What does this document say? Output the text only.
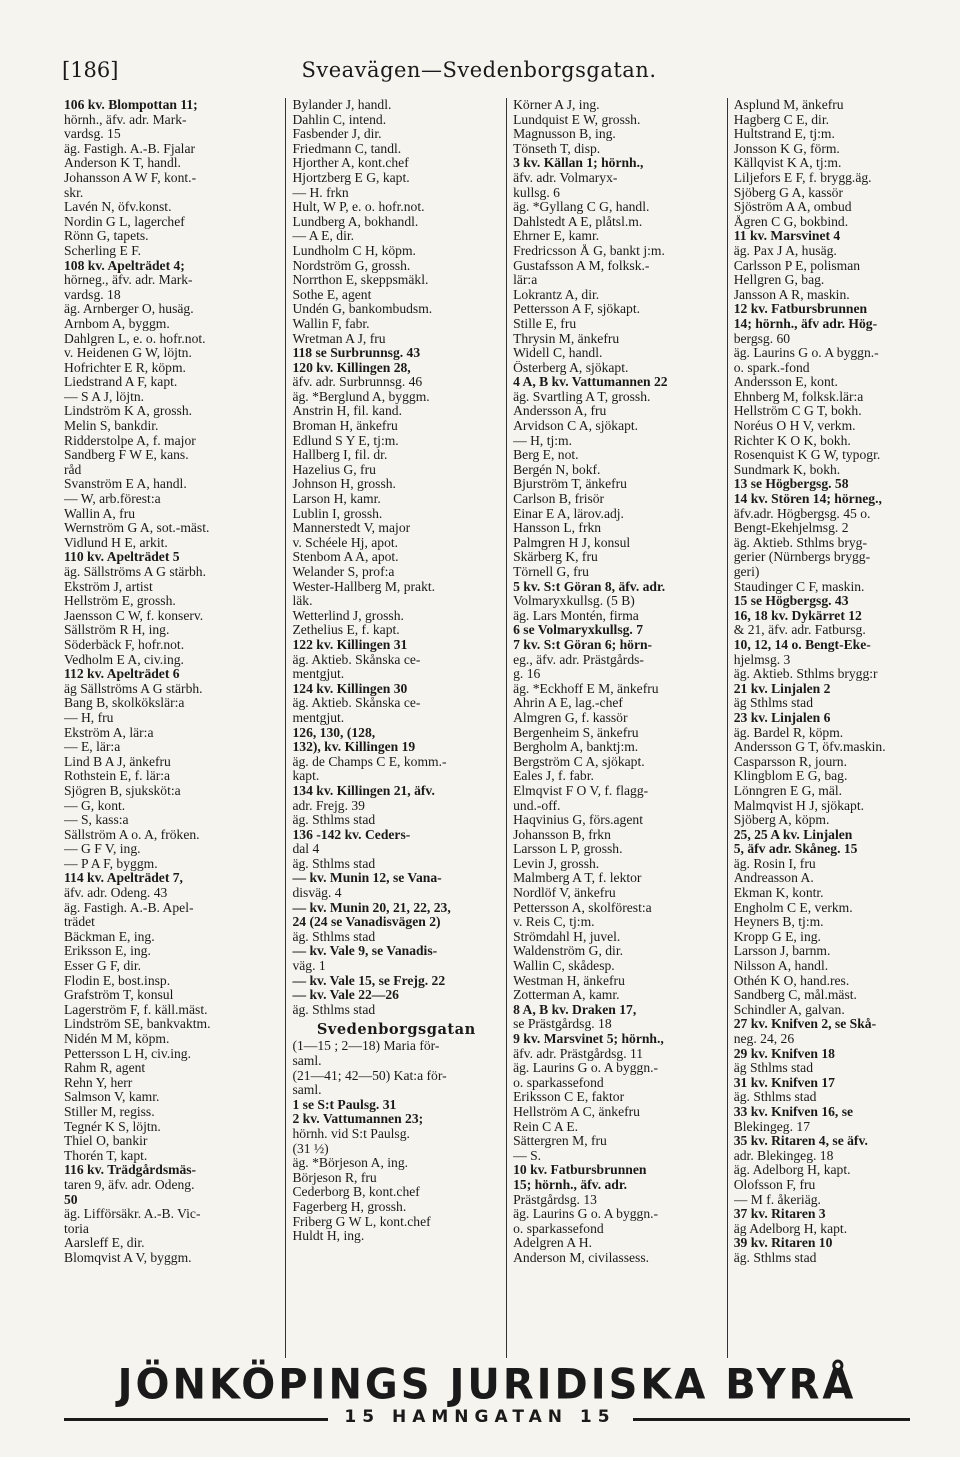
[186]	Sveavägen—Svedenborgsgatan.
106 kv. Blompottan 11;
hörnh., äfv. adr. Mark-
vardsg. 15
äg. Fastigh. A.-B. Fjalar
Anderson K T, handl.
Johansson A W F, kont.-
skr.
Lavén N, öfv.konst.
Nordin G L, lagerchef
Rönn G, tapets.
Scherling E F.
108 kv. Apelträdet 4;
hörneg., äfv. adr. Mark-
vardsg. 18
äg. Arnberger O, husäg.
Arnbom A, byggm.
Dahlgren L, e. o. hofr.not.
v. Heidenen G W, löjtn.
Hofrichter E R, köpm.
Liedstrand A F, kapt.
— S A J, löjtn.
Lindström K A, grossh.
Melin S, bankdir.
Ridderstolpe A, f. major
Sandberg F W E, kans.
råd
Svanström E A, handl.
— W, arb.förest:a
Wallin A, fru
Wernström G A, sot.-mäst.
Vidlund H E, arkit.
110 kv. Apelträdet 5
äg. Sällströms A G stärbh.
Ekström J, artist
Hellström E, grossh.
Jaensson C W, f. konserv.
Sällström R H, ing.
Söderbäck F, hofr.not.
Vedholm E A, civ.ing.
112 kv. Apelträdet 6
äg Sällströms A G stärbh.
Bang B, skolkökslär:a
— H, fru
Ekström A, lär:a
— E, lär:a
Lind B A J, änkefru
Rothstein E, f. lär:a
Sjögren B, sjuksköt:a
— G, kont.
— S, kass:a
Sällström A o. A, fröken.
— G F V, ing.
— P A F, byggm.
114 kv. Apelträdet 7,
äfv. adr. Odeng. 43
äg. Fastigh. A.-B. Apel-
trädet
Bäckman E, ing.
Eriksson E, ing.
Esser G F, dir.
Flodin E, bost.insp.
Grafström T, konsul
Lagerström F, f. käll.mäst.
Lindström SE, bankvaktm.
Nidén M M, köpm.
Pettersson L H, civ.ing.
Rahm R, agent
Rehn Y, herr
Salmson V, kamr.
Stiller M, regiss.
Tegnér K S, löjtn.
Thiel O, bankir
Thorén T, kapt.
116 kv. Trädgårdsmäs-
taren 9, äfv. adr. Odeng.
50
äg. Lifförsäkr. A.-B. Vic-
toria
Aarsleff E, dir.
Blomqvist A V, byggm.
Bylander J, handl.
Dahlin C, intend.
Fasbender J, dir.
Friedmann C, tandl.
Hjorther A, kont.chef
Hjortzberg E G, kapt.
— H. frkn
Hult, W P, e. o. hofr.not.
Lundberg A, bokhandl.
— A E, dir.
Lundholm C H, köpm.
Nordström G, grossh.
Norrthon E, skeppsmäkl.
Sothe E, agent
Undén G, bankombudsm.
Wallin F, fabr.
Wretman A J, fru
118 se Surbrunnsg. 43
120 kv. Killingen 28,
äfv. adr. Surbrunnsg. 46
äg. *Berglund A, byggm.
Anstrin H, fil. kand.
Broman H, änkefru
Edlund S Y E, tj:m.
Hallberg I, fil. dr.
Hazelius G, fru
Johnson H, grossh.
Larson H, kamr.
Lublin I, grossh.
Mannerstedt V, major
v. Schéele Hj, apot.
Stenbom A A, apot.
Welander S, prof:a
Wester-Hallberg M, prakt.
läk.
Wetterlind J, grossh.
Zethelius E, f. kapt.
122 kv. Killingen 31
äg. Aktieb. Skånska ce-
mentgjut.
124 kv. Killingen 30
äg. Aktieb. Skånska ce-
mentgjut.
126, 130, (128,
132), kv. Killingen 19
äg. de Champs C E, komm.-
kapt.
134 kv. Killingen 21, äfv.
adr. Frejg. 39
äg. Sthlms stad
136 -142 kv. Ceders-
dal 4
äg. Sthlms stad
— kv. Munin 12, se Vana-
disväg. 4
— kv. Munin 20, 21, 22, 23,
24 (24 se Vanadisvägen 2)
äg. Sthlms stad
— kv. Vale 9, se Vanadis-
väg. 1
— kv. Vale 15, se Frejg. 22
— kv. Vale 22—26
äg. Sthlms stad
Svedenborgsgatan
(1—15 ; 2—18) Maria för-
saml.
(21—41; 42—50) Kat:a för-
saml.
1 se S:t Paulsg. 31
2 kv. Vattumannen 23;
hörnh. vid S:t Paulsg.
(31 ½)
äg. *Börjeson A, ing.
Börjeson R, fru
Cederborg B, kont.chef
Fagerberg H, grossh.
Friberg G W L, kont.chef
Huldt H, ing.
Körner A J, ing.
Lundquist E W, grossh.
Magnusson B, ing.
Tönseth T, disp.
3 kv. Källan 1; hörnh.,
äfv. adr. Volmaryx-
kullsg. 6
äg. *Gyllang C G, handl.
Dahlstedt A E, plåtsl.m.
Ehrner E, kamr.
Fredricsson Å G, bankt j:m.
Gustafsson A M, folksk.-
lär:a
Lokrantz A, dir.
Pettersson A F, sjökapt.
Stille E, fru
Thrysin M, änkefru
Widell C, handl.
Österberg A, sjökapt.
4 A, B kv. Vattumannen 22
äg. Svartling A T, grossh.
Andersson A, fru
Arvidson C A, sjökapt.
— H, tj:m.
Berg E, not.
Bergén N, bokf.
Bjurström T, änkefru
Carlson B, frisör
Einar E A, lärov.adj.
Hansson L, frkn
Palmgren H J, konsul
Skärberg K, fru
Törnell G, fru
5 kv. S:t Göran 8, äfv. adr.
Volmaryxkullsg. (5 B)
äg. Lars Montén, firma
6 se Volmaryxkullsg. 7
7 kv. S:t Göran 6; hörn-
eg., äfv. adr. Prästgårds-
g. 16
äg. *Eckhoff E M, änkefru
Ahrin A E, lag.-chef
Almgren G, f. kassör
Bergenheim S, änkefru
Bergholm A, banktj:m.
Bergström C A, sjökapt.
Eales J, f. fabr.
Elmqvist F O V, f. flagg-
und.-off.
Haqvinius G, förs.agent
Johansson B, frkn
Larsson L P, grossh.
Levin J, grossh.
Malmberg A T, f. lektor
Nordlöf V, änkefru
Pettersson A, skolförest:a
v. Reis C, tj:m.
Strömdahl H, juvel.
Waldenström G, dir.
Wallin C, skådesp.
Westman H, änkefru
Zotterman A, kamr.
8 A, B kv. Draken 17,
se Prästgårdsg. 18
9 kv. Marsvinet 5; hörnh.,
äfv. adr. Prästgårdsg. 11
äg. Laurins G o. A byggn.-
o. sparkassefond
Eriksson C E, faktor
Hellström A C, änkefru
Rein C A E.
Sättergren M, fru
— S.
10 kv. Fatbursbrunnen
15; hörnh., äfv. adr.
Prästgårdsg. 13
äg. Laurins G o. A byggn.-
o. sparkassefond
Adelgren A H.
Anderson M, civilassess.
Asplund M, änkefru
Hagberg C E, dir.
Hultstrand E, tj:m.
Jonsson K G, förm.
Källqvist K A, tj:m.
Liljefors E F, f. brygg.äg.
Sjöberg G A, kassör
Sjöström A A, ombud
Ågren C G, bokbind.
11 kv. Marsvinet 4
äg. Pax J A, husäg.
Carlsson P E, polisman
Hellgren G, bag.
Jansson A R, maskin.
12 kv. Fatbursbrunnen
14; hörnh., äfv adr. Hög-
bergsg. 60
äg. Laurins G o. A byggn.-
o. spark.-fond
Andersson E, kont.
Ehnberg M, folksk.lär:a
Hellström C G T, bokh.
Noréus O H V, verkm.
Richter K O K, bokh.
Rosenquist K G W, typogr.
Sundmark K, bokh.
13 se Högbergsg. 58
14 kv. Stören 14; hörneg.,
äfv.adr. Högbergsg. 45 o.
Bengt-Ekehjelmsg. 2
äg. Aktieb. Sthlms bryg-
gerier (Nürnbergs brygg-
geri)
Staudinger C F, maskin.
15 se Högbergsg. 43
16, 18 kv. Dykärret 12
& 21, äfv. adr. Fatbursg.
10, 12, 14 o. Bengt-Eke-
hjelmsg. 3
äg. Aktieb. Sthlms brygg:r
21 kv. Linjalen 2
äg Sthlms stad
23 kv. Linjalen 6
äg. Bardel R, köpm.
Andersson G T, öfv.maskin.
Casparsson R, journ.
Klingblom E G, bag.
Lönngren E G, mäl.
Malmqvist H J, sjökapt.
Sjöberg A, köpm.
25, 25 A kv. Linjalen
5, äfv adr. Skåneg. 15
äg. Rosin I, fru
Andreasson A.
Ekman K, kontr.
Engholm C E, verkm.
Heyners B, tj:m.
Kropp G E, ing.
Larsson J, barnm.
Nilsson A, handl.
Othén K O, hand.res.
Sandberg C, mål.mäst.
Schindler A, galvan.
27 kv. Knifven 2, se Skå-
neg. 24, 26
29 kv. Knifven 18
äg Sthlms stad
31 kv. Knifven 17
äg. Sthlms stad
33 kv. Knifven 16, se
Blekingeg. 17
35 kv. Ritaren 4, se äfv.
adr. Blekingeg. 18
äg. Adelborg H, kapt.
Olofsson F, fru
— M f. åkeriäg.
37 kv. Ritaren 3
äg Adelborg H, kapt.
39 kv. Ritaren 10
äg. Sthlms stad
JÖNKÖPINGS JURIDISKA BYRÅ
15 HAMNGATAN 15
